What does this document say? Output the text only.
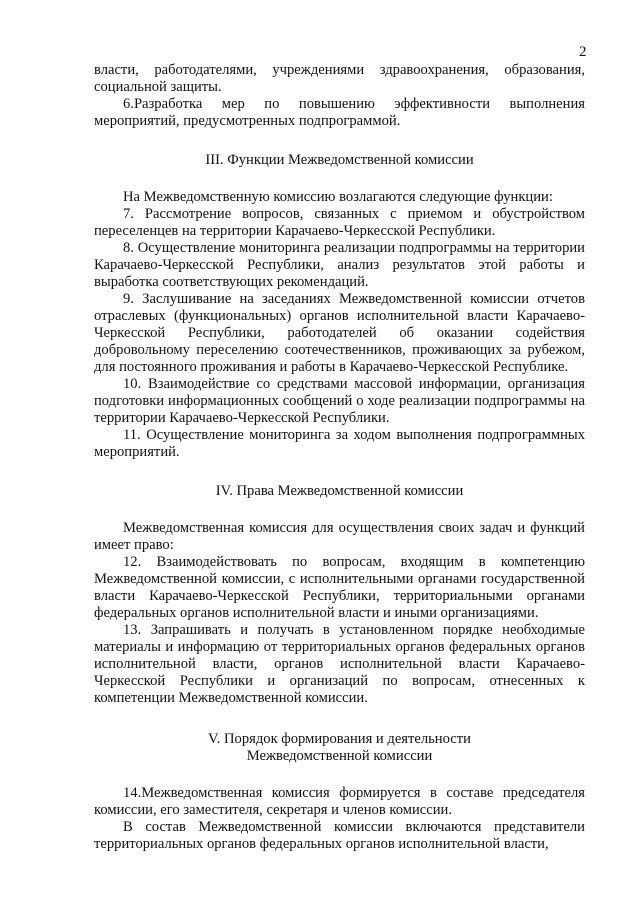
2

власти, работодателями, учреждениями здравоохранения, образования, социальной защиты.

6.Разработка мер по повышению эффективности выполнения мероприятий, предусмотренных подпрограммой.

III. Функции Межведомственной комиссии

На Межведомственную комиссию возлагаются следующие функции:

7. Рассмотрение вопросов, связанных с приемом и обустройством переселенцев на территории Карачаево-Черкесской Республики.

8. Осуществление мониторинга реализации подпрограммы на территории Карачаево-Черкесской Республики, анализ результатов этой работы и выработка соответствующих рекомендаций.

9. Заслушивание на заседаниях Межведомственной комиссии отчетов отраслевых (функциональных) органов исполнительной власти Карачаево-Черкесской Республики, работодателей об оказании содействия добровольному переселению соотечественников, проживающих за рубежом, для постоянного проживания и работы в Карачаево-Черкесской Республике.

10. Взаимодействие со средствами массовой информации, организация подготовки информационных сообщений о ходе реализации подпрограммы на территории Карачаево-Черкесской Республики.

11. Осуществление мониторинга за ходом выполнения подпрограммных мероприятий.

IV. Права Межведомственной комиссии

Межведомственная комиссия для осуществления своих задач и функций имеет право:

12. Взаимодействовать по вопросам, входящим в компетенцию Межведомственной комиссии, с исполнительными органами государственной власти Карачаево-Черкесской Республики, территориальными органами федеральных органов исполнительной власти и иными организациями.

13. Запрашивать и получать в установленном порядке необходимые материалы и информацию от территориальных органов федеральных органов исполнительной власти, органов исполнительной власти Карачаево-Черкесской Республики и организаций по вопросам, отнесенных к компетенции Межведомственной комиссии.

V. Порядок формирования и деятельности
Межведомственной комиссии

14.Межведомственная комиссия формируется в составе председателя комиссии, его заместителя, секретаря и членов комиссии.

В состав Межведомственной комиссии включаются представители территориальных органов федеральных органов исполнительной власти,
